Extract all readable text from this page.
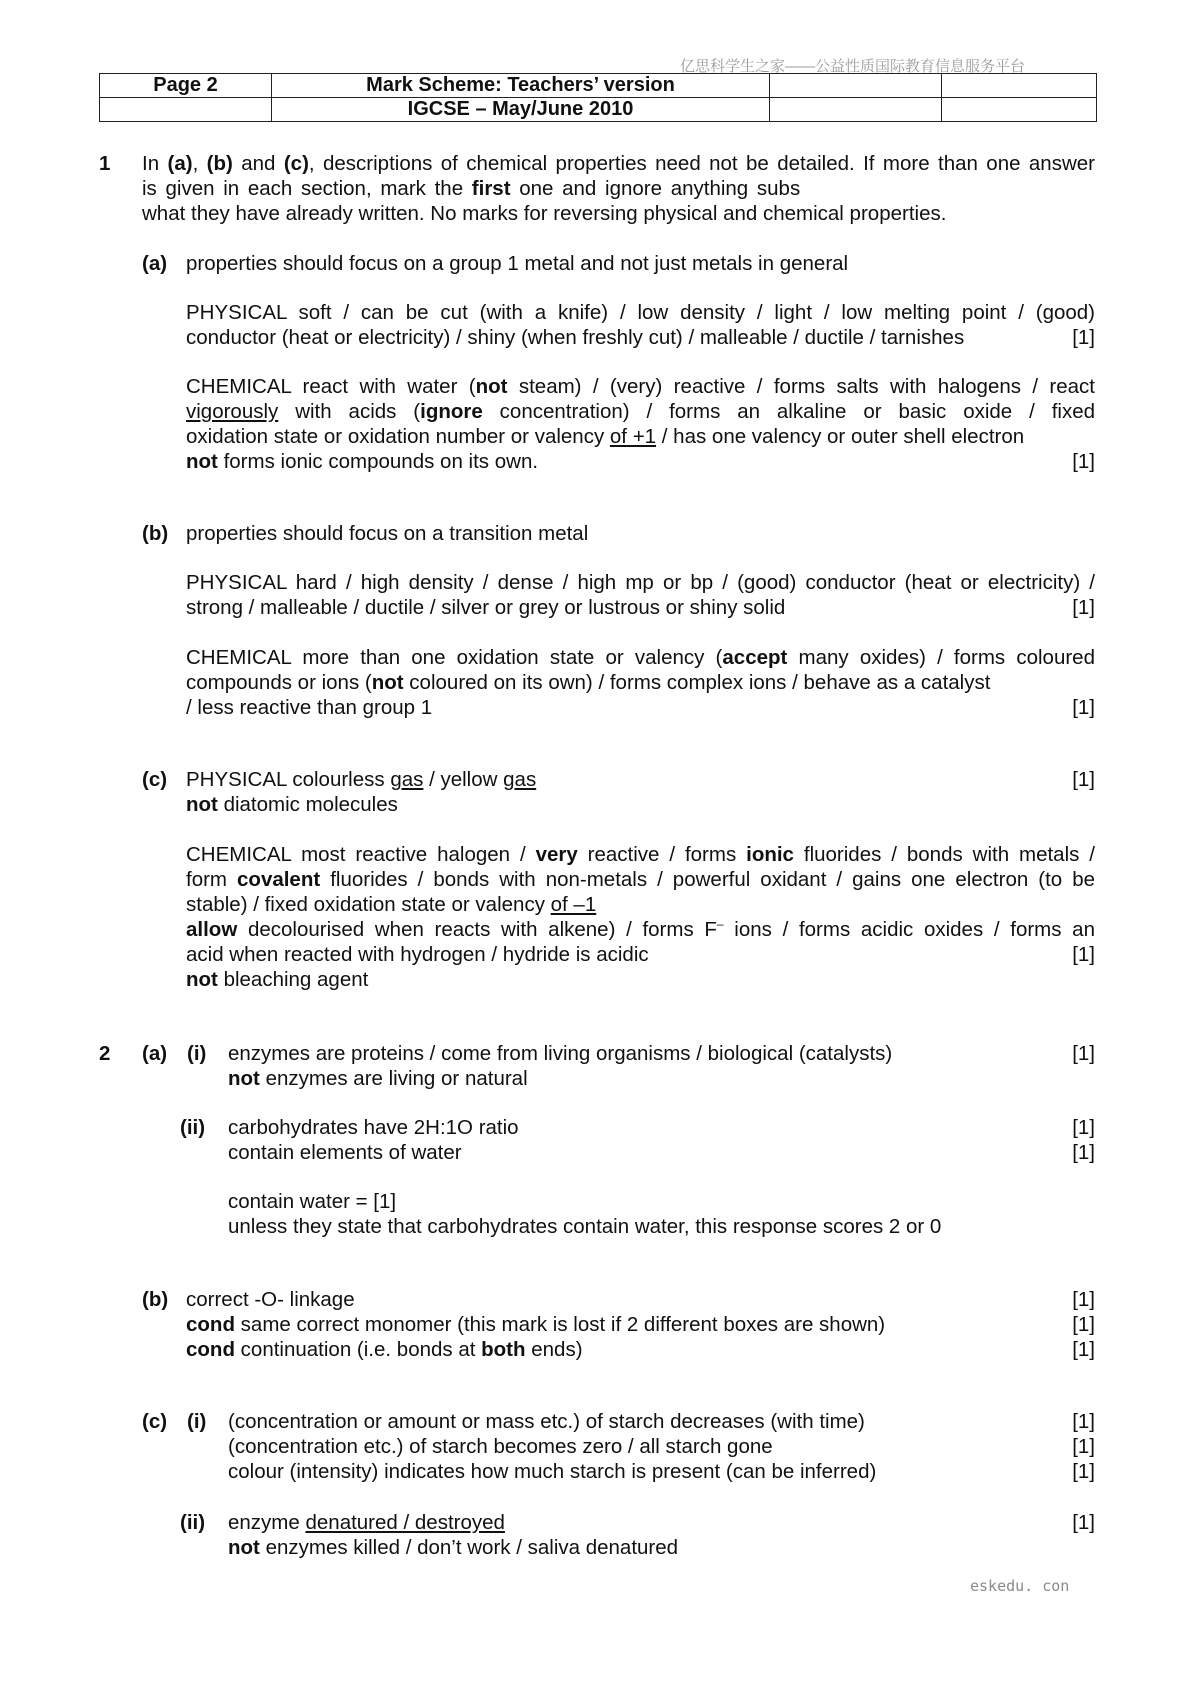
亿思科学生之家——公益性质国际教育信息服务平台
Page 2	Mark Scheme: Teachers’ version		
	IGCSE – May/June 2010		
1 In (a), (b) and (c), descriptions of chemical properties need not be detailed. If more than one answer
is given in each section, mark the first one and ignore anything subs
what they have already written. No marks for reversing physical and chemical properties.
(a) properties should focus on a group 1 metal and not just metals in general
PHYSICAL soft / can be cut (with a knife) / low density / light / low melting point / (good)
conductor (heat or electricity) / shiny (when freshly cut) / malleable / ductile / tarnishes	[1]
CHEMICAL react with water (not steam) / (very) reactive / forms salts with halogens / react
vigorously with acids (ignore concentration) / forms an alkaline or basic oxide / fixed
oxidation state or oxidation number or valency of +1 / has one valency or outer shell electron
not forms ionic compounds on its own.	[1]
(b) properties should focus on a transition metal
PHYSICAL hard / high density / dense / high mp or bp / (good) conductor (heat or electricity) /
strong / malleable / ductile / silver or grey or lustrous or shiny solid	[1]
CHEMICAL more than one oxidation state or valency (accept many oxides) / forms coloured
compounds or ions (not coloured on its own) / forms complex ions / behave as a catalyst
/ less reactive than group 1	[1]
(c) PHYSICAL colourless gas / yellow gas	[1]
not diatomic molecules
CHEMICAL most reactive halogen / very reactive / forms ionic fluorides / bonds with metals /
form covalent fluorides / bonds with non-metals / powerful oxidant / gains one electron (to be
stable) / fixed oxidation state or valency of –1
allow decolourised when reacts with alkene) / forms F– ions / forms acidic oxides / forms an
acid when reacted with hydrogen / hydride is acidic	[1]
not bleaching agent
2 (a) (i) enzymes are proteins / come from living organisms / biological (catalysts)	[1]
not enzymes are living or natural
(ii) carbohydrates have 2H:1O ratio	[1]
contain elements of water	[1]
contain water = [1]
unless they state that carbohydrates contain water, this response scores 2 or 0
(b) correct -O- linkage	[1]
cond same correct monomer (this mark is lost if 2 different boxes are shown)	[1]
cond continuation (i.e. bonds at both ends)	[1]
(c) (i) (concentration or amount or mass etc.) of starch decreases (with time)	[1]
(concentration etc.) of starch becomes zero / all starch gone	[1]
colour (intensity) indicates how much starch is present (can be inferred)	[1]
(ii) enzyme denatured / destroyed	[1]
not enzymes killed / don’t work / saliva denatured
eskedu. con
